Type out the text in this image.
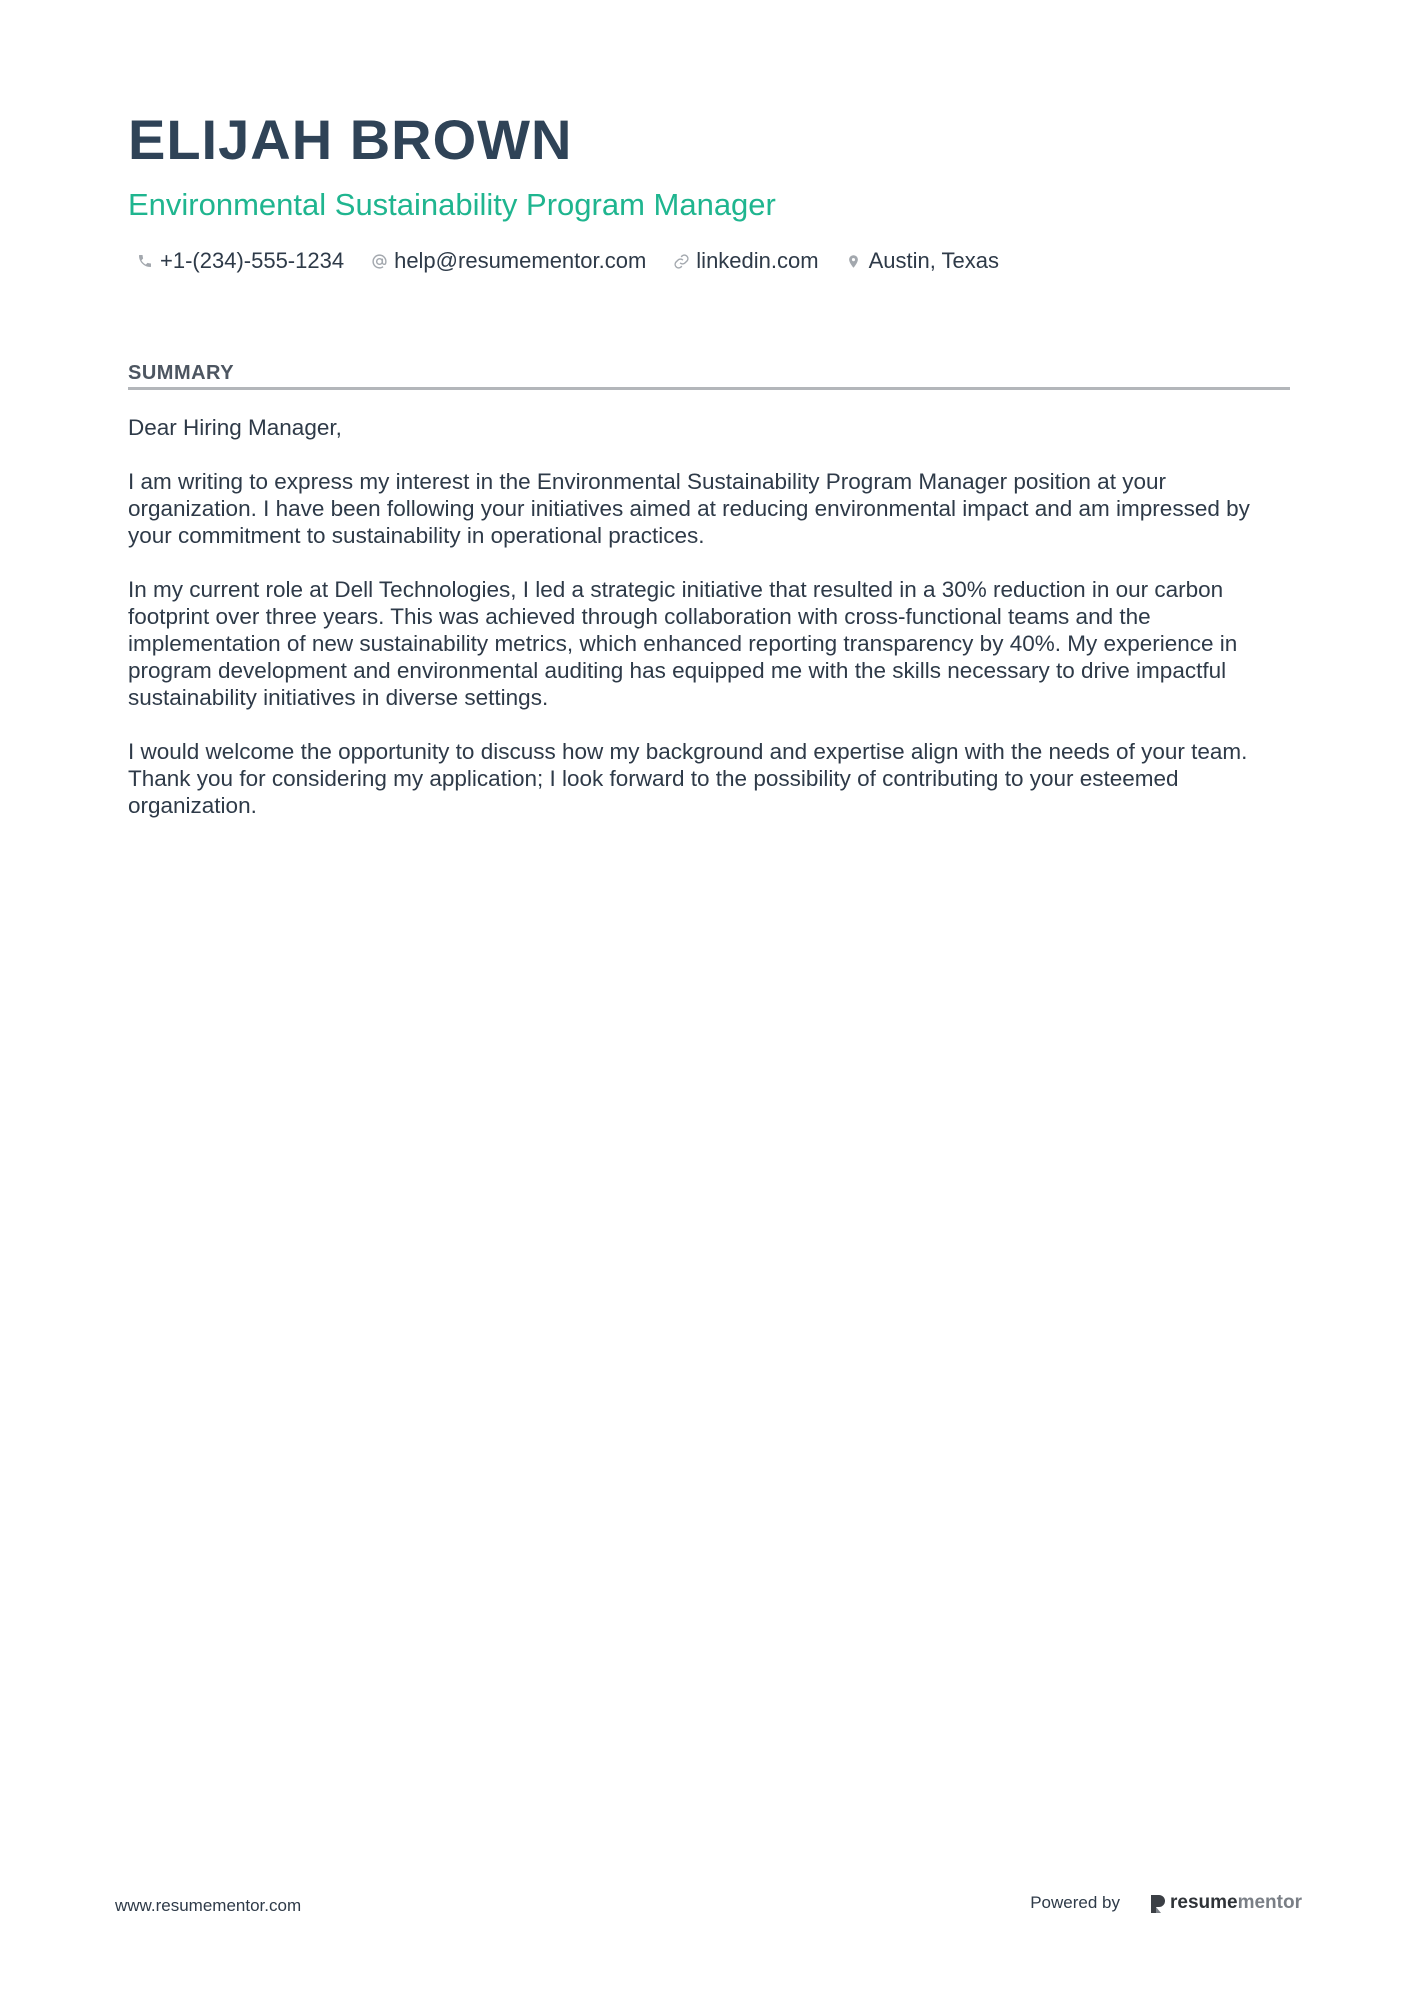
ELIJAH BROWN
Environmental Sustainability Program Manager
+1-(234)-555-1234 help@resumementor.com linkedin.com Austin, Texas
SUMMARY

Dear Hiring Manager,

I am writing to express my interest in the Environmental Sustainability Program Manager position at your organization. I have been following your initiatives aimed at reducing environmental impact and am impressed by your commitment to sustainability in operational practices.

In my current role at Dell Technologies, I led a strategic initiative that resulted in a 30% reduction in our carbon footprint over three years. This was achieved through collaboration with cross-functional teams and the implementation of new sustainability metrics, which enhanced reporting transparency by 40%. My experience in program development and environmental auditing has equipped me with the skills necessary to drive impactful sustainability initiatives in diverse settings.

I would welcome the opportunity to discuss how my background and expertise align with the needs of your team. Thank you for considering my application; I look forward to the possibility of contributing to your esteemed organization.

www.resumementor.com	Powered by	resume mentor
